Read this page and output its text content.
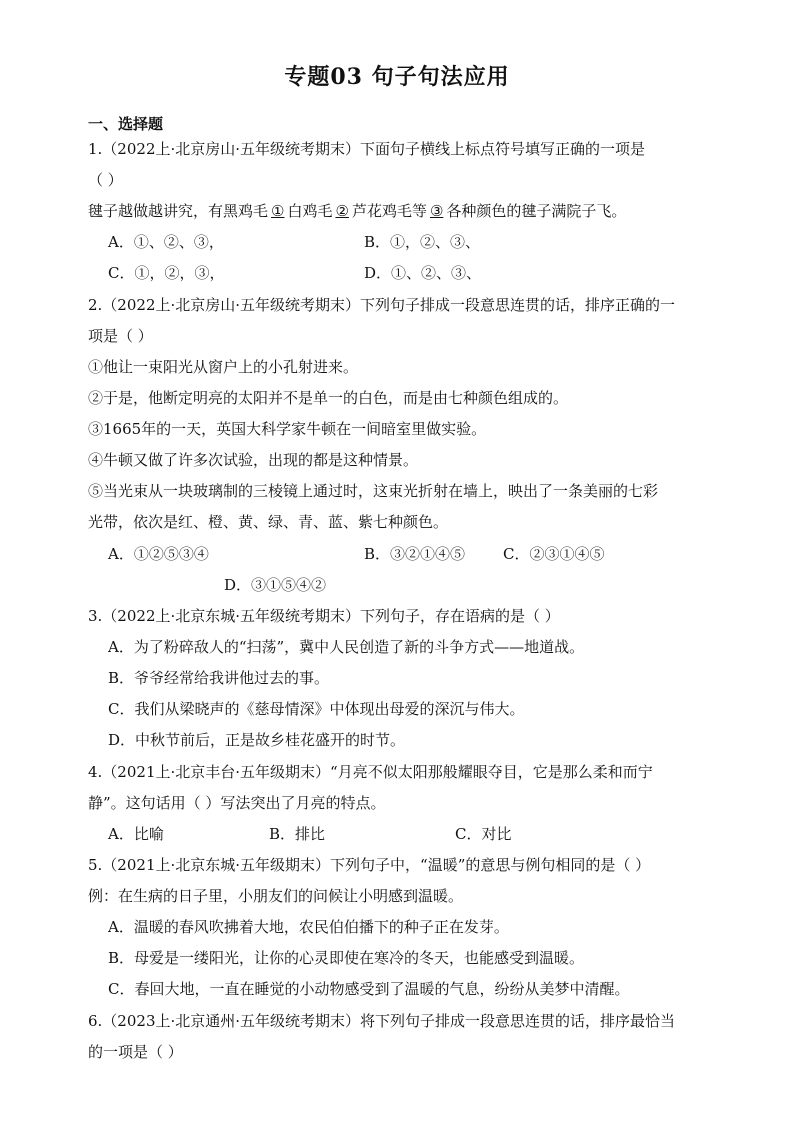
专题03 句子句法应用
一、选择题
1.（2022上·北京房山·五年级统考期末）下面句子横线上标点符号填写正确的一项是
（ ）
毽子越做越讲究，有黑鸡毛 ① 白鸡毛 ② 芦花鸡毛等 ③ 各种颜色的毽子满院子飞。
A．①、②、③，	B．①，②、③、
C．①，②，③，	D．①、②、③、
2.（2022上·北京房山·五年级统考期末）下列句子排成一段意思连贯的话，排序正确的一
项是（ ）
①他让一束阳光从窗户上的小孔射进来。
②于是，他断定明亮的太阳并不是单一的白色，而是由七种颜色组成的。
③1665年的一天，英国大科学家牛顿在一间暗室里做实验。
④牛顿又做了许多次试验，出现的都是这种情景。
⑤当光束从一块玻璃制的三棱镜上通过时，这束光折射在墙上，映出了一条美丽的七彩
光带，依次是红、橙、黄、绿、青、蓝、紫七种颜色。
A．①②⑤③④	B．③②①④⑤	C．②③①④⑤
D．③①⑤④②
3.（2022上·北京东城·五年级统考期末）下列句子，存在语病的是（ ）
A．为了粉碎敌人的“扫荡”，冀中人民创造了新的斗争方式——地道战。
B．爷爷经常给我讲他过去的事。
C．我们从梁晓声的《慈母情深》中体现出母爱的深沉与伟大。
D．中秋节前后，正是故乡桂花盛开的时节。
4.（2021上·北京丰台·五年级期末）“月亮不似太阳那般耀眼夺目，它是那么柔和而宁
静”。这句话用（ ）写法突出了月亮的特点。
A．比喻	B．排比	C．对比
5.（2021上·北京东城·五年级期末）下列句子中，“温暖”的意思与例句相同的是（ ）
例：在生病的日子里，小朋友们的问候让小明感到温暖。
A．温暖的春风吹拂着大地，农民伯伯播下的种子正在发芽。
B．母爱是一缕阳光，让你的心灵即使在寒冷的冬天，也能感受到温暖。
C．春回大地，一直在睡觉的小动物感受到了温暖的气息，纷纷从美梦中清醒。
6.（2023上·北京通州·五年级统考期末）将下列句子排成一段意思连贯的话，排序最恰当
的一项是（ ）
